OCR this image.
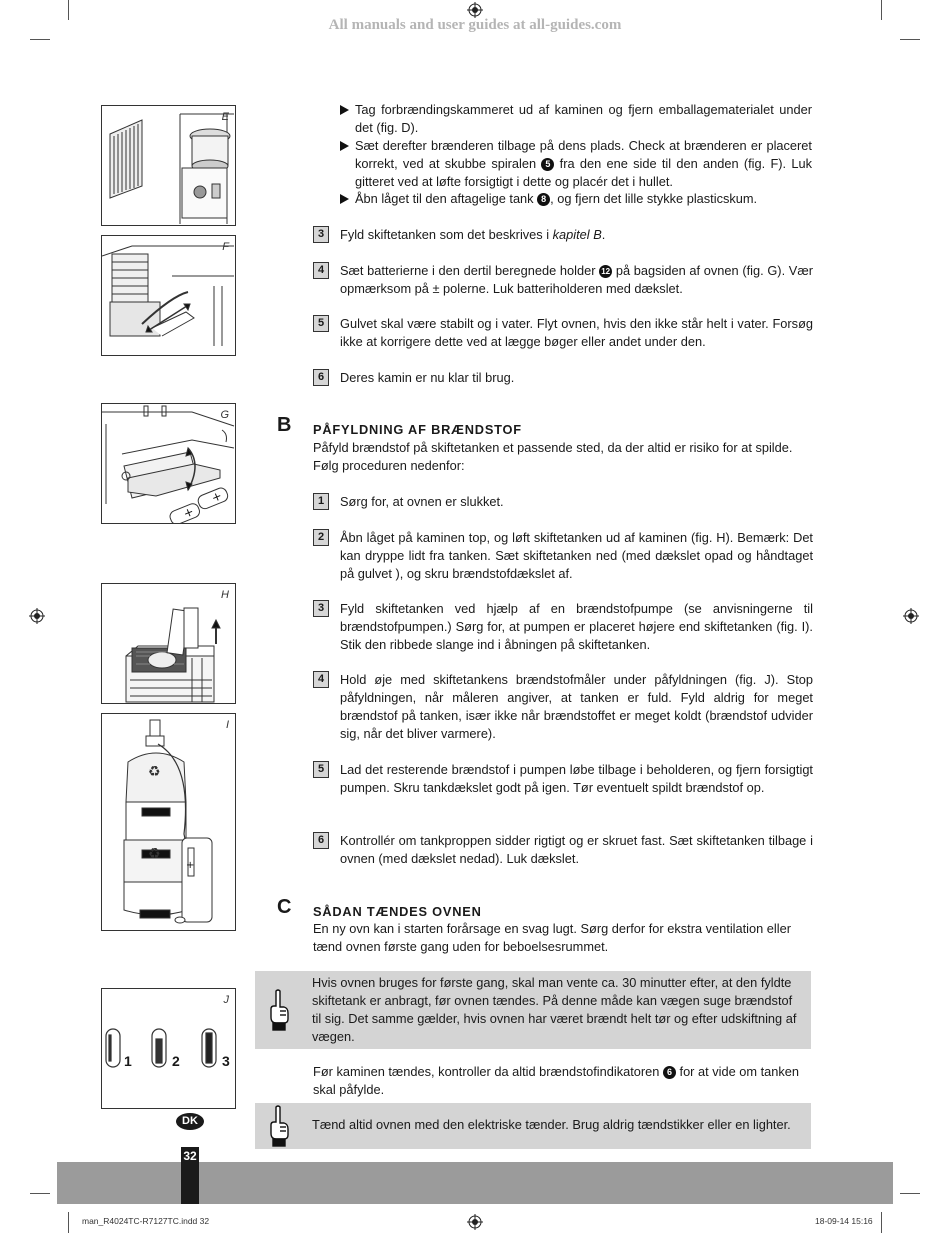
All manuals and user guides at all-guides.com
E
F
+
+
G
H
♻
♻
+
I
1	2	3
J
Tag forbrændingskammeret ud af kaminen og fjern emballagematerialet under det (fig. D).
Sæt derefter brænderen tilbage på dens plads. Check at brænderen er placeret korrekt, ved at skubbe spiralen 5 fra den ene side til den anden (fig. F). Luk gitteret ved at løfte forsigtigt i dette og placér det i hullet.
Åbn låget til den aftagelige tank 8 , og fjern det lille stykke plasticskum.
3	Fyld skiftetanken som det beskrives i kapitel B.
4	Sæt batterierne i den dertil beregnede holder 12 på bagsiden af ovnen (fig. G). Vær opmærksom på ± polerne. Luk batteriholderen med dækslet.
5	Gulvet skal være stabilt og i vater. Flyt ovnen, hvis den ikke står helt i vater. Forsøg ikke at korrigere dette ved at lægge bøger eller andet under den.
6	Deres kamin er nu klar til brug.
B PÅFYLDNING AF BRÆNDSTOF
Påfyld brændstof på skiftetanken et passende sted, da der altid er risiko for at spilde. Følg proceduren nedenfor:
1	Sørg for, at ovnen er slukket.
2	Åbn låget på kaminen top, og løft skiftetanken ud af kaminen (fig. H). Bemærk: Det kan dryppe lidt fra tanken. Sæt skiftetanken ned (med dækslet opad og håndtaget på gulvet ), og skru brændstofdækslet af.
3	Fyld skiftetanken ved hjælp af en brændstofpumpe (se anvisningerne til brændstofpumpen.) Sørg for, at pumpen er placeret højere end skiftetanken (fig. I). Stik den ribbede slange ind i åbningen på skiftetanken.
4	Hold øje med skiftetankens brændstofmåler under påfyldningen (fig. J). Stop påfyldningen, når måleren angiver, at tanken er fuld. Fyld aldrig for meget brændstof på tanken, især ikke når brændstoffet er meget koldt (brændstof udvider sig, når det bliver varmere).
5	Lad det resterende brændstof i pumpen løbe tilbage i beholderen, og fjern forsigtigt pumpen. Skru tankdækslet godt på igen. Tør eventuelt spildt brændstof op.
6	Kontrollér om tankproppen sidder rigtigt og er skruet fast. Sæt skiftetanken tilbage i ovnen (med dækslet nedad). Luk dækslet.
C SÅDAN TÆNDES OVNEN
En ny ovn kan i starten forårsage en svag lugt. Sørg derfor for ekstra ventilation eller tænd ovnen første gang uden for beboelsesrummet.
Hvis ovnen bruges for første gang, skal man vente ca. 30 minutter efter, at den fyldte skiftetank er anbragt, før ovnen tændes. På denne måde kan vægen suge brændstof til sig. Det samme gælder, hvis ovnen har været brændt helt tør og efter udskiftning af vægen.
Før kaminen tændes, kontroller da altid brændstofindikatoren 6 for at vide om tanken skal påfylde.
Tænd altid ovnen med den elektriske tænder. Brug aldrig tændstikker eller en lighter.
32
DK
man_R4024TC-R7127TC.indd 32	18-09-14 15:16
